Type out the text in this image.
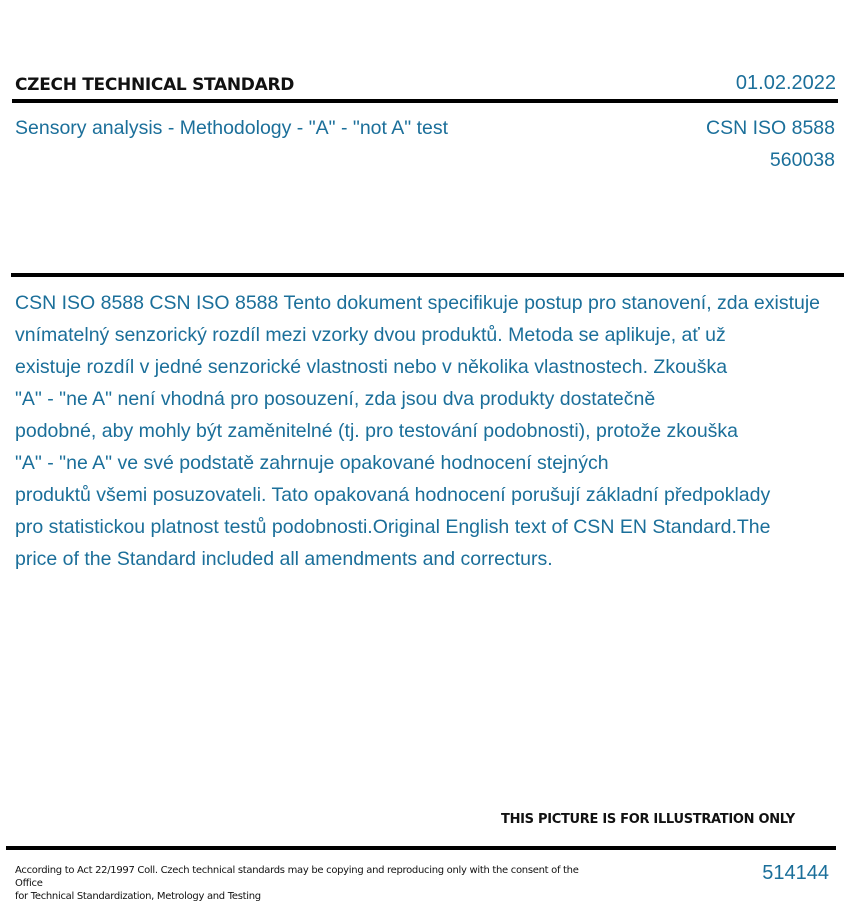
CZECH TECHNICAL STANDARD	01.02.2022
Sensory analysis - Methodology - "A" - "not A" test	CSN ISO 8588
560038
CSN ISO 8588 CSN ISO 8588 Tento dokument specifikuje postup pro stanovení, zda existuje
vnímatelný senzorický rozdíl mezi vzorky dvou produktů. Metoda se aplikuje, ať už
existuje rozdíl v jedné senzorické vlastnosti nebo v několika vlastnostech. Zkouška
"A" - "ne A" není vhodná pro posouzení, zda jsou dva produkty dostatečně
podobné, aby mohly být zaměnitelné (tj. pro testování podobnosti), protože zkouška
"A" - "ne A" ve své podstatě zahrnuje opakované hodnocení stejných
produktů všemi posuzovateli. Tato opakovaná hodnocení porušují základní předpoklady
pro statistickou platnost testů podobnosti.Original English text of CSN EN Standard.The
price of the Standard included all amendments and correcturs.
THIS PICTURE IS FOR ILLUSTRATION ONLY
According to Act 22/1997 Coll. Czech technical standards may be copying and reproducing only with the consent of the Office
for Technical Standardization, Metrology and Testing
514144
